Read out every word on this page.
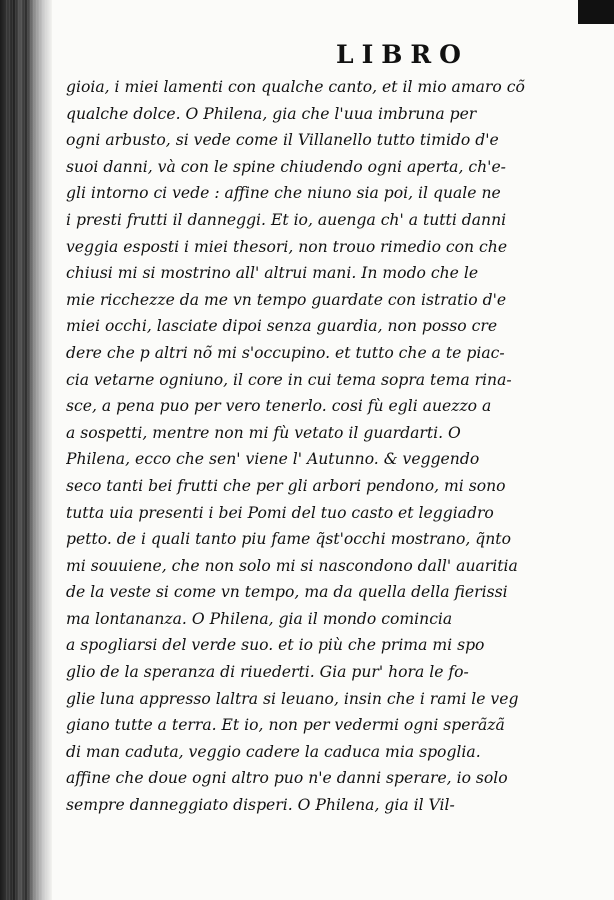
LIBRO
gioia, i miei lamenti con qualche canto, et il mio amaro cõ
qualche dolce. O Philena, gia che l'uua imbruna per
ogni arbusto, si vede come il Villanello tutto timido d'e
suoi danni, và con le spine chiudendo ogni aperta, ch'e-
gli intorno ci vede : affine che niuno sia poi, il quale ne
i presti frutti il danneggi. Et io, auenga ch' a tutti danni
veggia esposti i miei thesori, non trouo rimedio con che
chiusi mi si mostrino all' altrui mani. In modo che le
mie ricchezze da me vn tempo guardate con istratio d'e
miei occhi, lasciate dipoi senza guardia, non posso cre
dere che p altri nõ mi s'occupino. et tutto che a te piac-
cia vetarne ogniuno, il core in cui tema sopra tema rina-
sce, a pena puo per vero tenerlo. cosi fù egli auezzo a
a sospetti, mentre non mi fù vetato il guardarti. O
Philena, ecco che sen' viene l' Autunno. & veggendo
seco tanti bei frutti che per gli arbori pendono, mi sono
tutta uia presenti i bei Pomi del tuo casto et leggiadro
petto. de i quali tanto piu fame q̃st'occhi mostrano, q̃nto
mi souuiene, che non solo mi si nascondono dall' auaritia
de la veste si come vn tempo, ma da quella della fierissi
ma lontananza. O Philena, gia il mondo comincia
a spogliarsi del verde suo. et io più che prima mi spo
glio de la speranza di riuederti. Gia pur' hora le fo-
glie luna appresso laltra si leuano, insin che i rami le veg
giano tutte a terra. Et io, non per vedermi ogni sperãzã
di man caduta, veggio cadere la caduca mia spoglia.
affine che doue ogni altro puo n'e danni sperare, io solo
sempre danneggiato disperi. O Philena, gia il Vil-
